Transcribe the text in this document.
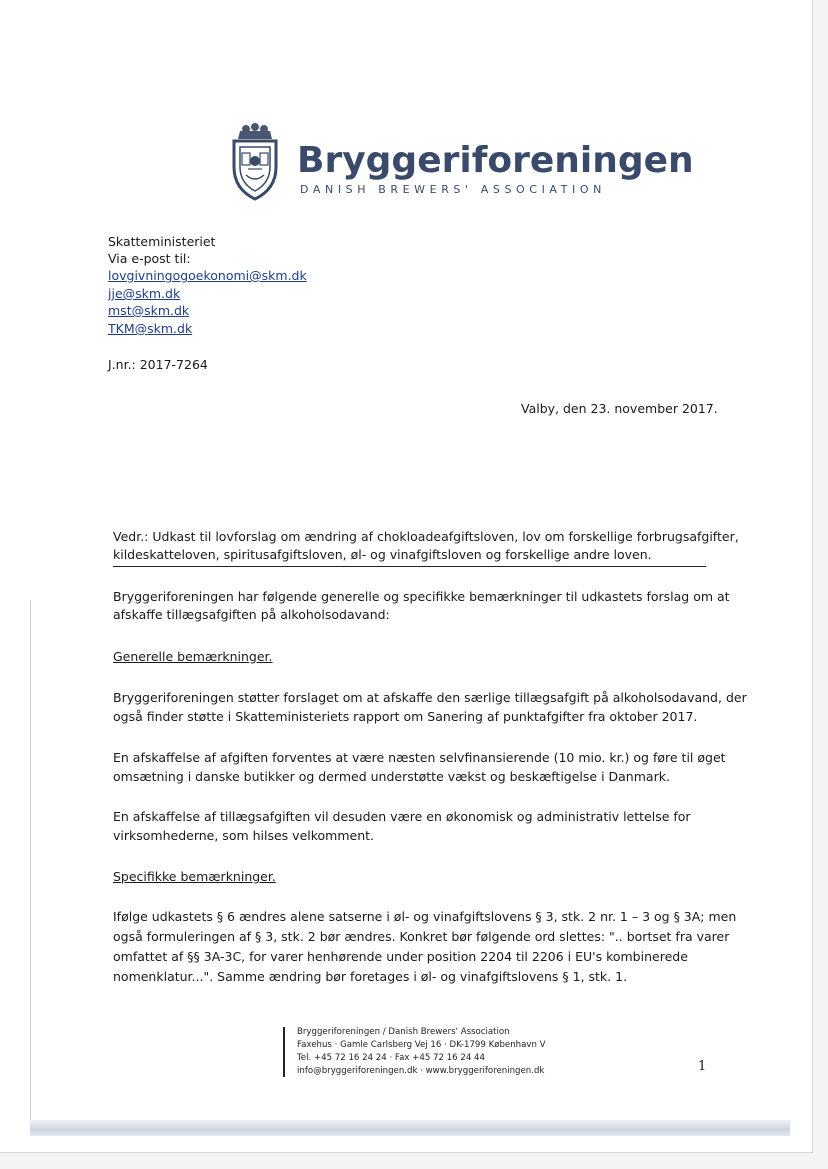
Bryggeriforeningen
DANISH BREWERS' ASSOCIATION
Skatteministeriet
Via e-post til:
lovgivningogoekonomi@skm.dk
jje@skm.dk
mst@skm.dk
TKM@skm.dk
J.nr.: 2017-7264
Valby, den 23. november 2017.
Vedr.: Udkast til lovforslag om ændring af chokloadeafgiftsloven, lov om forskellige forbrugsafgifter,
kildeskatteloven, spiritusafgiftsloven, øl- og vinafgiftsloven og forskellige andre loven.
Bryggeriforeningen har følgende generelle og specifikke bemærkninger til udkastets forslag om at
afskaffe tillægsafgiften på alkoholsodavand:
Generelle bemærkninger.
Bryggeriforeningen støtter forslaget om at afskaffe den særlige tillægsafgift på alkoholsodavand, der
også finder støtte i Skatteministeriets rapport om Sanering af punktafgifter fra oktober 2017.
En afskaffelse af afgiften forventes at være næsten selvfinansierende (10 mio. kr.) og føre til øget
omsætning i danske butikker og dermed understøtte vækst og beskæftigelse i Danmark.
En afskaffelse af tillægsafgiften vil desuden være en økonomisk og administrativ lettelse for
virksomhederne, som hilses velkomment.
Specifikke bemærkninger.
Ifølge udkastets § 6 ændres alene satserne i øl- og vinafgiftslovens § 3, stk. 2 nr. 1 – 3 og § 3A; men
også formuleringen af § 3, stk. 2 bør ændres. Konkret bør følgende ord slettes: ".. bortset fra varer
omfattet af §§ 3A-3C, for varer henhørende under position 2204 til 2206 i EU's kombinerede
nomenklatur...". Samme ændring bør foretages i øl- og vinafgiftslovens § 1, stk. 1.
Bryggeriforeningen / Danish Brewers' Association
Faxehus · Gamle Carlsberg Vej 16 · DK-1799 København V
Tel. +45 72 16 24 24 · Fax +45 72 16 24 44
info@bryggeriforeningen.dk · www.bryggeriforeningen.dk	1
